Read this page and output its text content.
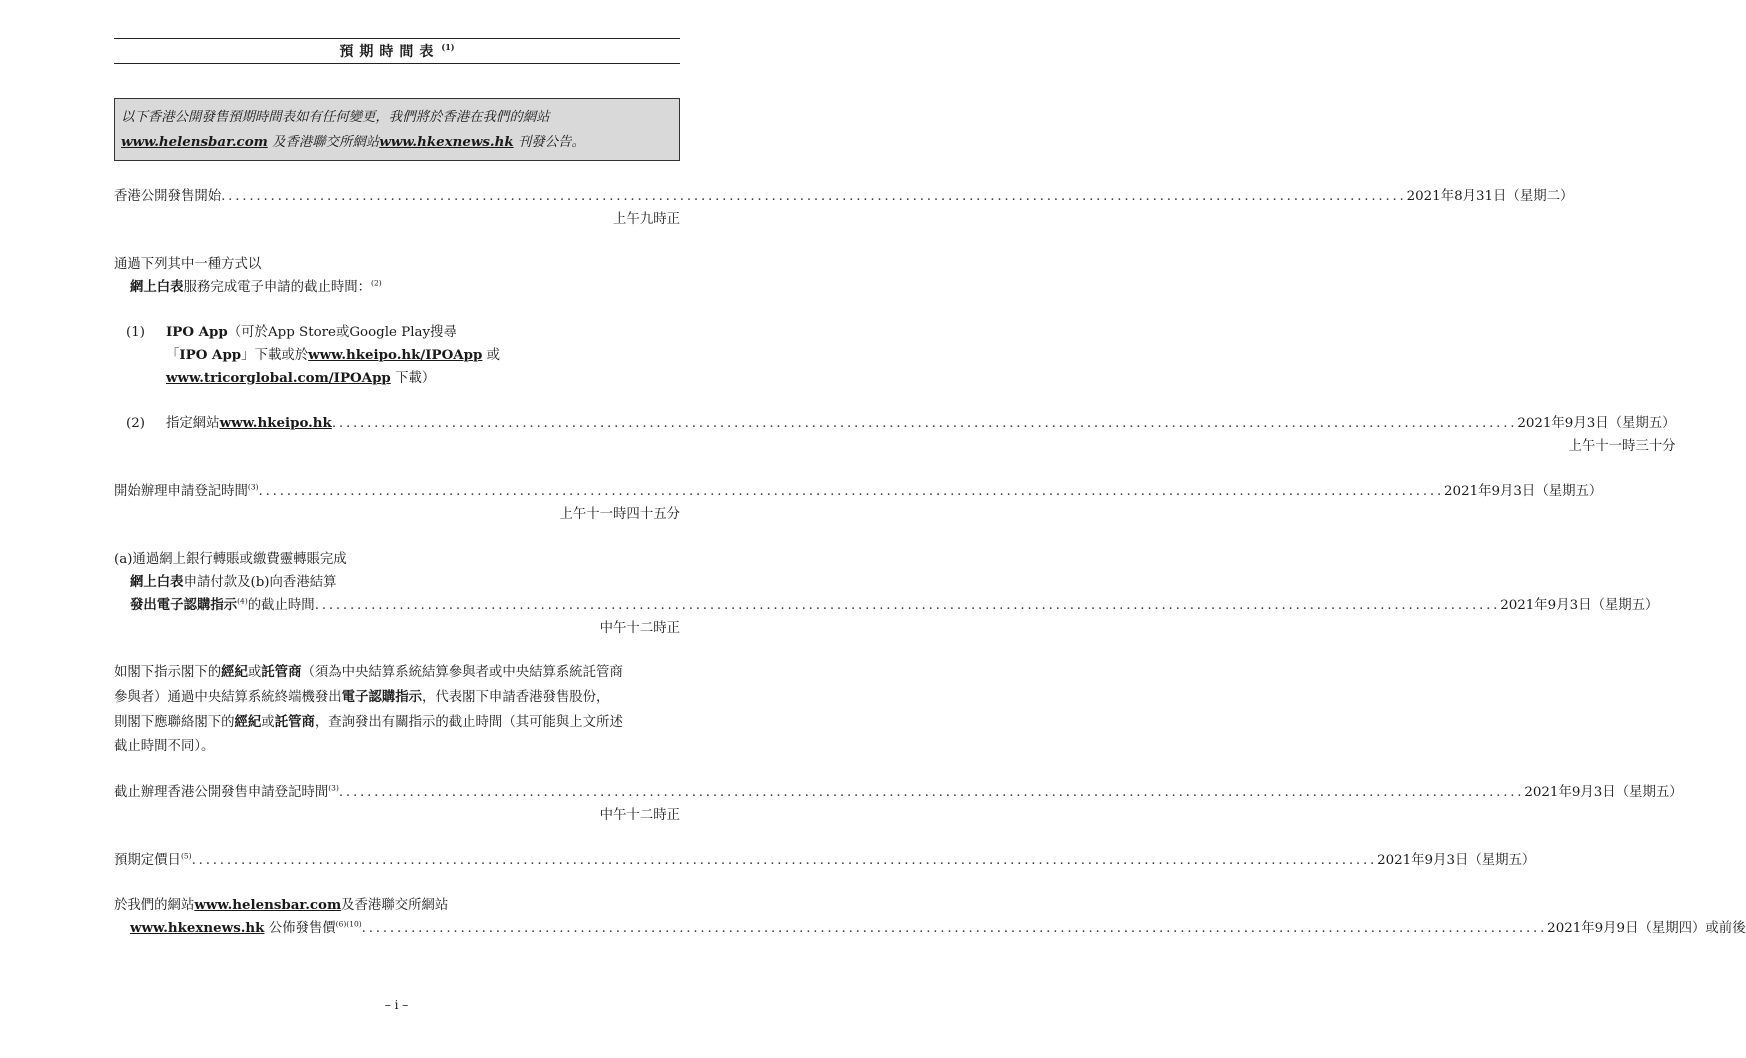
預期時間表 $^{(1)}$
以下香港公開發售預期時間表如有任何變更，我們將於香港在我們的網站
www.helensbar.com 及香港聯交所網站www.hkexnews.hk 刊發公告。
香港公開發售開始 .....	2021年8月31日（星期二）
上午九時正
通過下列其中一種方式以
網上白表服務完成電子申請的截止時間：$^{(2)}$
(1)	IPO App（可於App Store或Google Play搜尋
「IPO App」下載或於www.hkeipo.hk/IPOApp 或
www.tricorglobal.com/IPOApp 下載）
(2)	指定網站www.hkeipo.hk .....	2021年9月3日（星期五）
上午十一時三十分
開始辦理申請登記時間$^{(3)}$ .....	2021年9月3日（星期五）
上午十一時四十五分
(a)通過網上銀行轉賬或繳費靈轉賬完成
網上白表申請付款及(b)向香港結算
發出電子認購指示$^{(4)}$的截止時間 .....	2021年9月3日（星期五）
中午十二時正
如閣下指示閣下的經紀或託管商（須為中央結算系統結算參與者或中央結算系統託管商
參與者）通過中央結算系統終端機發出電子認購指示，代表閣下申請香港發售股份，
則閣下應聯絡閣下的經紀或託管商，查詢發出有關指示的截止時間（其可能與上文所述
截止時間不同）。
截止辦理香港公開發售申請登記時間$^{(3)}$ .....	2021年9月3日（星期五）
中午十二時正
預期定價日$^{(5)}$ .....	2021年9月3日（星期五）
於我們的網站www.helensbar.com及香港聯交所網站
www.hkexnews.hk 公佈發售價$^{(6)(10)}$ .....	2021年9月9日（星期四）或前後
– i –
